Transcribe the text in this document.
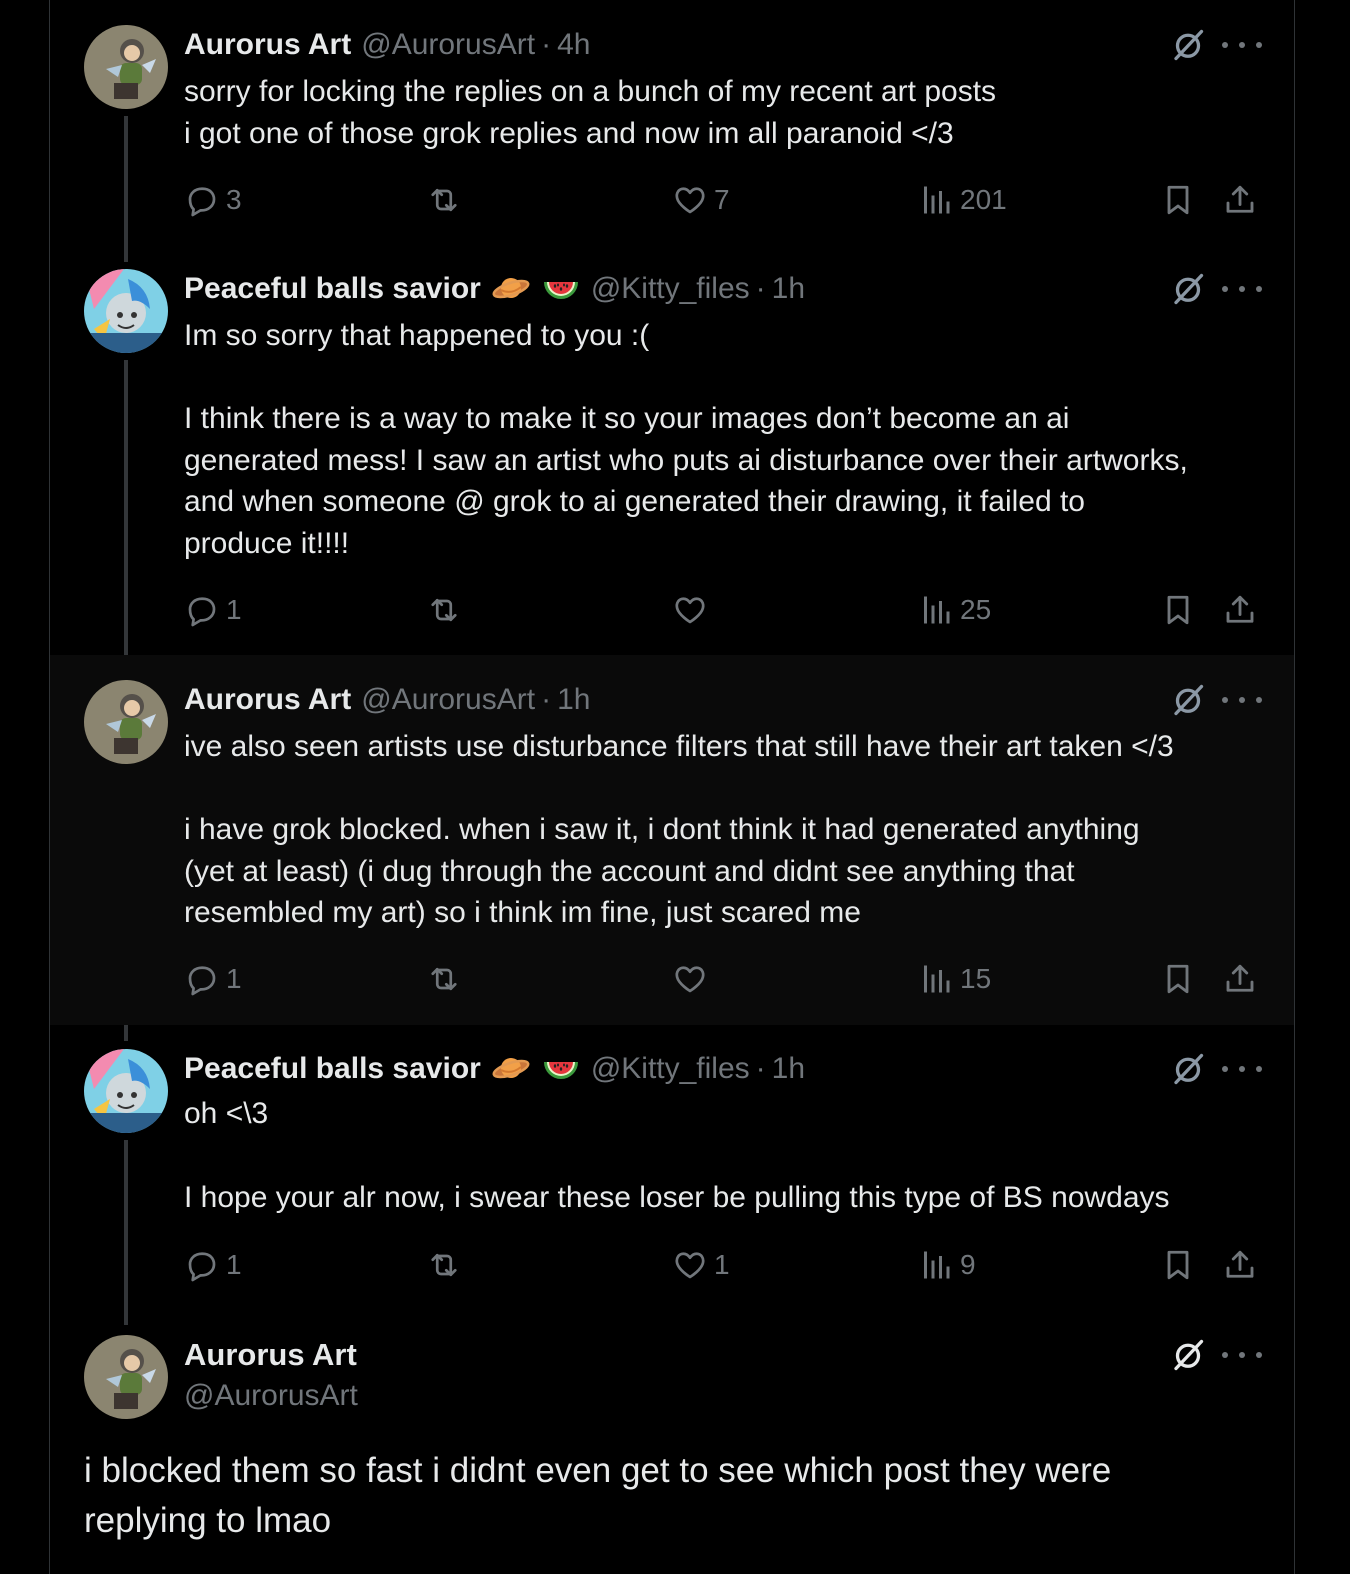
Aurorus Art @AurorusArt · 4h
sorry for locking the replies on a bunch of my recent art posts
i got one of those grok replies and now im all paranoid </3
3	7	201
Peaceful balls savior	@Kitty_files · 1h
Im so sorry that happened to you :(

I think there is a way to make it so your images don’t become an ai
generated mess! I saw an artist who puts ai disturbance over their artworks,
and when someone @ grok to ai generated their drawing, it failed to
produce it!!!!
1	25
Aurorus Art @AurorusArt · 1h
ive also seen artists use disturbance filters that still have their art taken </3

i have grok blocked. when i saw it, i dont think it had generated anything
(yet at least) (i dug through the account and didnt see anything that
resembled my art) so i think im fine, just scared me
1	15
Peaceful balls savior	@Kitty_files · 1h
oh <\3

I hope your alr now, i swear these loser be pulling this type of BS nowdays
1	1	9
Aurorus Art
@AurorusArt
i blocked them so fast i didnt even get to see which post they were
replying to lmao
